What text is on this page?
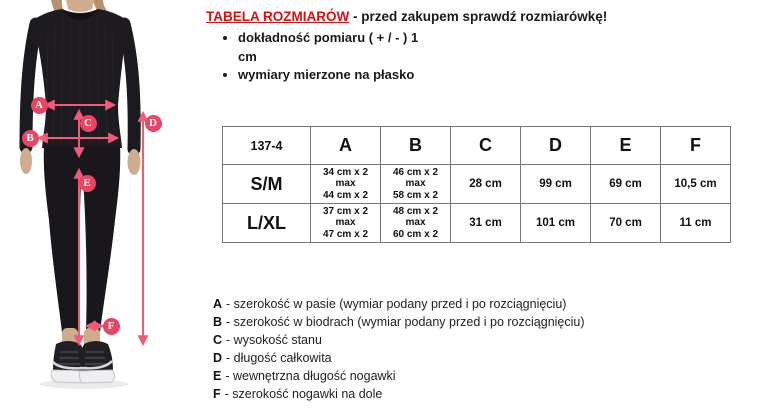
A
B
C	D
E
F
TABELA ROZMIARÓW - przed zakupem sprawdź rozmiarówkę!
• dokładność pomiaru ( + / - ) 1
cm
• wymiary mierzone na płasko
137-4	A	B	C	D	E	F
S/M	34 cm x 2
max
44 cm x 2	46 cm x 2
max
58 cm x 2	28 cm	99 cm	69 cm	10,5 cm

L/XL	37 cm x 2
max
47 cm x 2	48 cm x 2
max
60 cm x 2	31 cm	101 cm	70 cm	11 cm
A - szerokość w pasie (wymiar podany przed i po rozciągnięciu)
B - szerokość w biodrach (wymiar podany przed i po rozciągnięciu)
C - wysokość stanu
D - długość całkowita
E - wewnętrzna długość nogawki
F - szerokość nogawki na dole
